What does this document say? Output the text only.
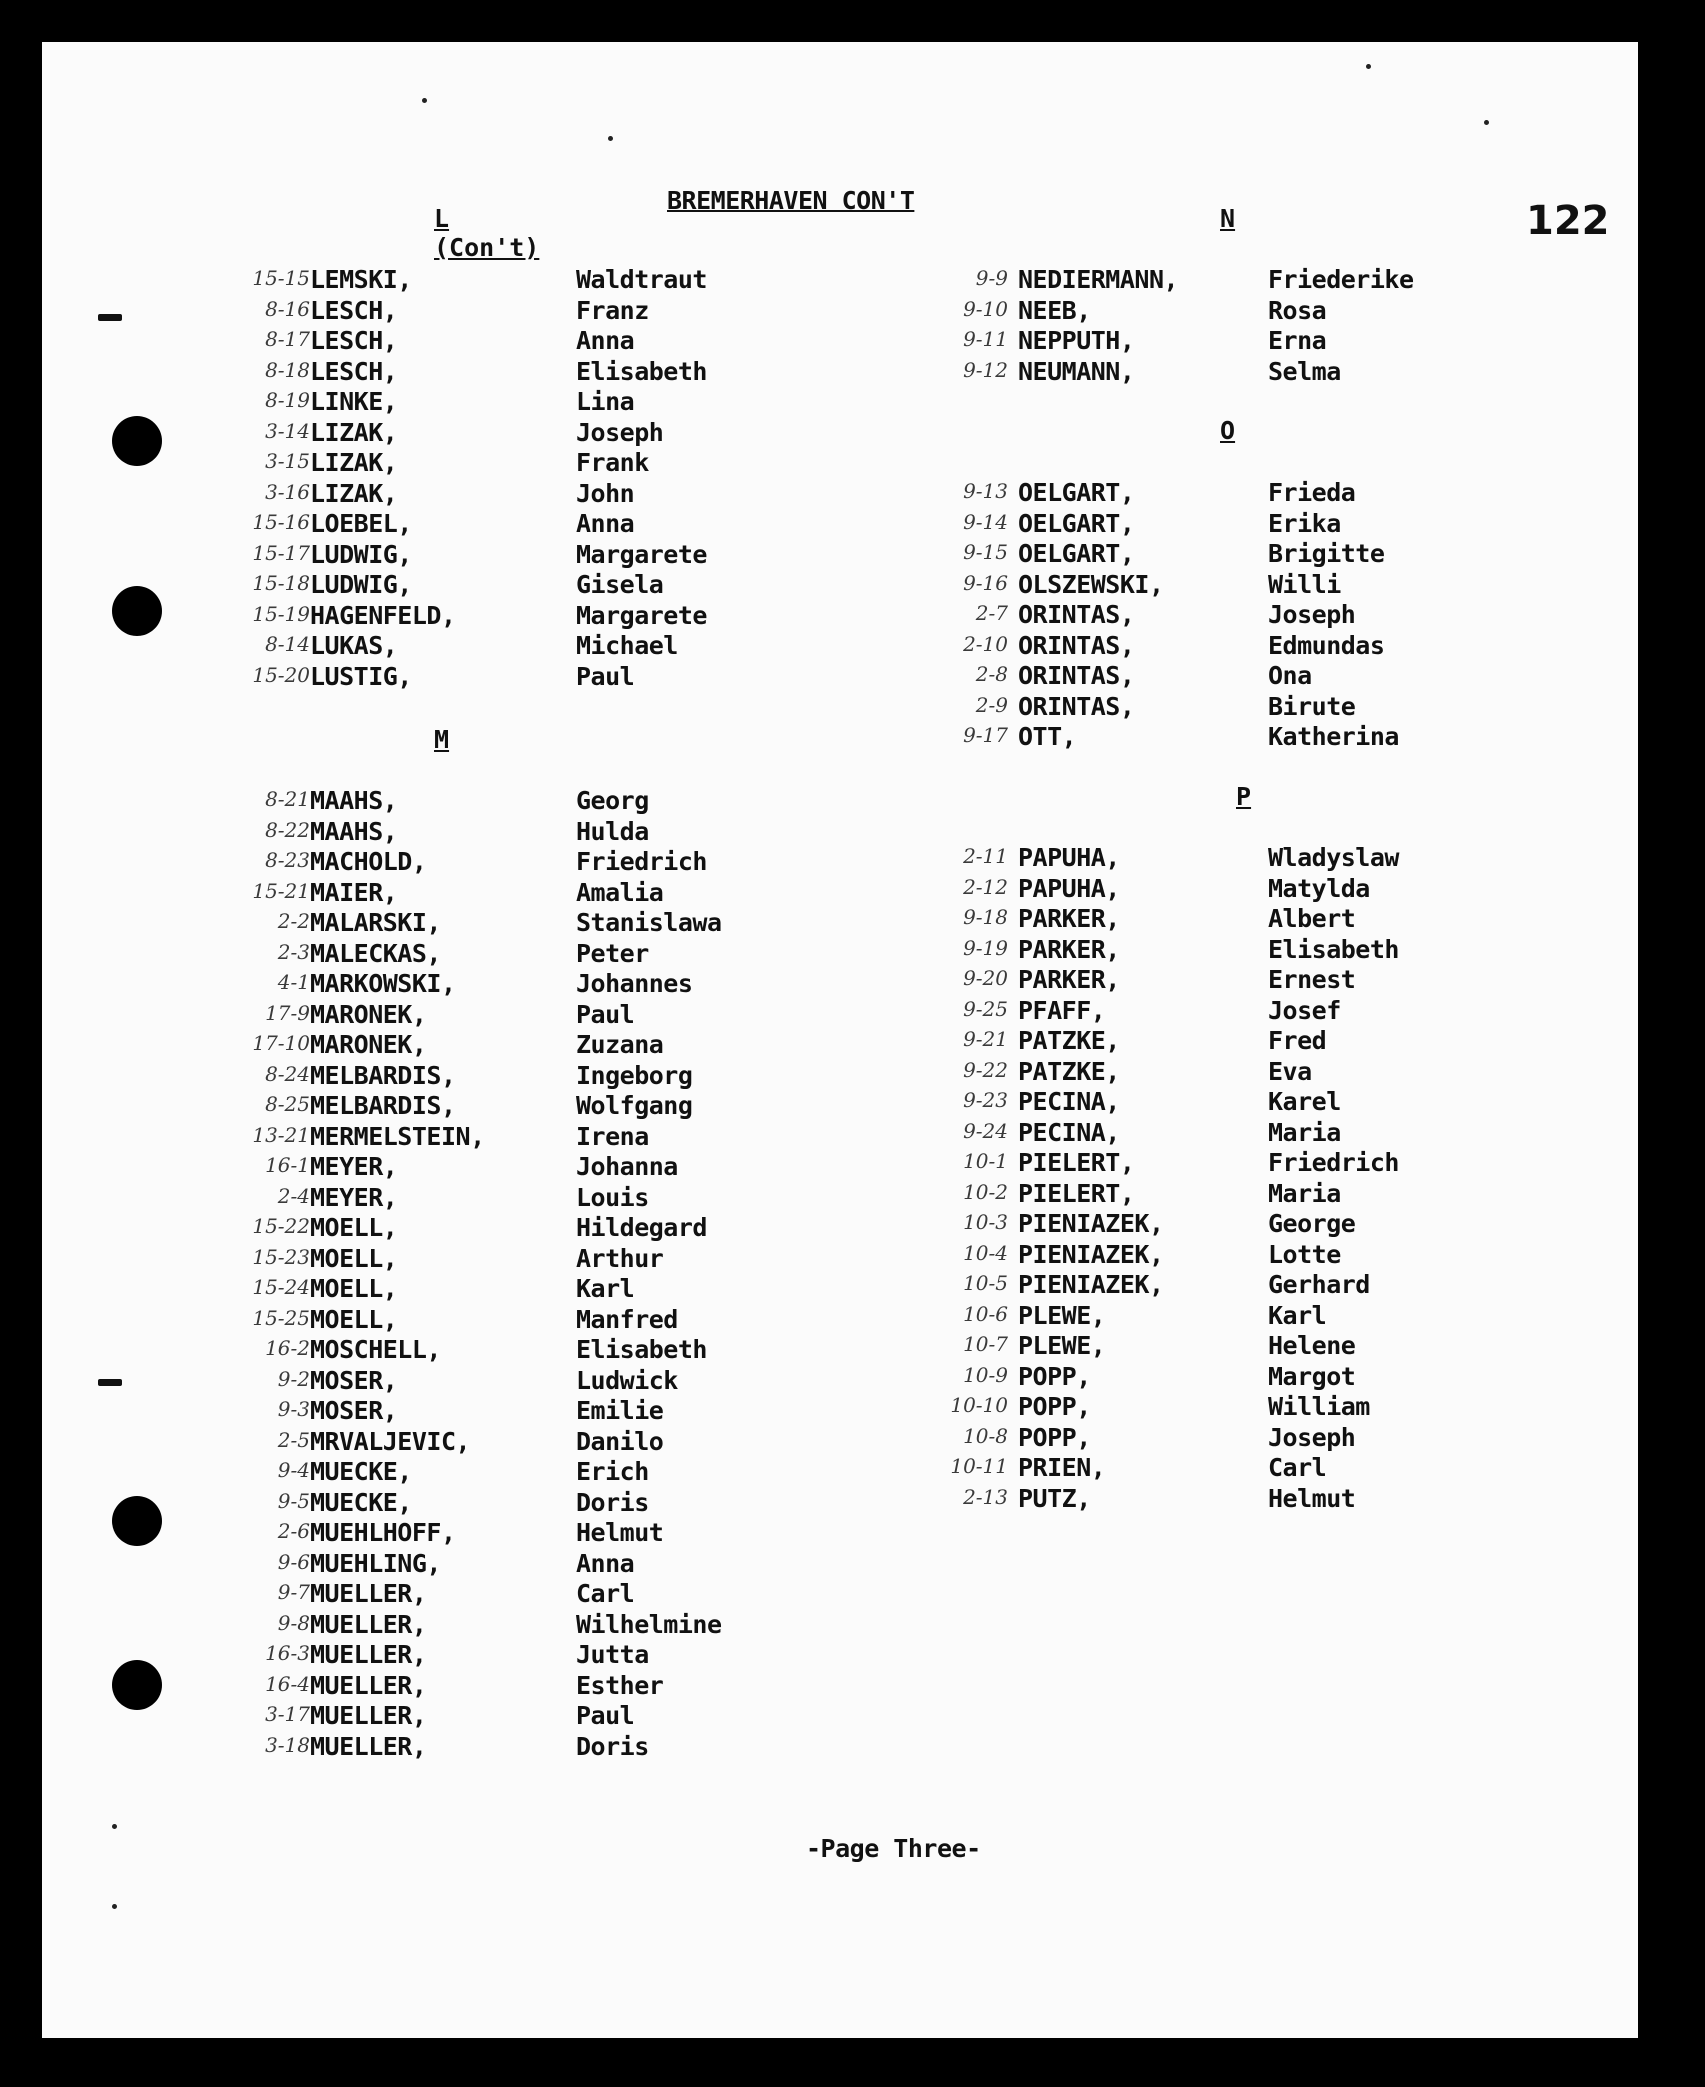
BREMERHAVEN CON'T	122
L (Con't)
15-15 LEMSKI,	Waldtraut
8-16 LESCH,	Franz
8-17 LESCH,	Anna
8-18 LESCH,	Elisabeth
8-19 LINKE,	Lina
3-14 LIZAK,	Joseph
3-15 LIZAK,	Frank
3-16 LIZAK,	John
15-16 LOEBEL,	Anna
15-17 LUDWIG,	Margarete
15-18 LUDWIG,	Gisela
15-19 HAGENFELD,	Margarete
8-14 LUKAS,	Michael
15-20 LUSTIG,	Paul
M
8-21 MAAHS,	Georg
8-22 MAAHS,	Hulda
8-23 MACHOLD,	Friedrich
15-21 MAIER,	Amalia
2-2 MALARSKI,	Stanislawa
2-3 MALECKAS,	Peter
4-1 MARKOWSKI,	Johannes
17-9 MARONEK,	Paul
17-10 MARONEK,	Zuzana
8-24 MELBARDIS,	Ingeborg
8-25 MELBARDIS,	Wolfgang
13-21 MERMELSTEIN,	Irena
16-1 MEYER,	Johanna
2-4 MEYER,	Louis
15-22 MOELL,	Hildegard
15-23 MOELL,	Arthur
15-24 MOELL,	Karl
15-25 MOELL,	Manfred
16-2 MOSCHELL,	Elisabeth
9-2 MOSER,	Ludwick
9-3 MOSER,	Emilie
2-5 MRVALJEVIC,	Danilo
9-4 MUECKE,	Erich
9-5 MUECKE,	Doris
2-6 MUEHLHOFF,	Helmut
9-6 MUEHLING,	Anna
9-7 MUELLER,	Carl
9-8 MUELLER,	Wilhelmine
16-3 MUELLER,	Jutta
16-4 MUELLER,	Esther
3-17 MUELLER,	Paul
3-18 MUELLER,	Doris
N
9-9 NEDIERMANN,	Friederike
9-10 NEEB,	Rosa
9-11 NEPPUTH,	Erna
9-12 NEUMANN,	Selma
O
9-13 OELGART,	Frieda
9-14 OELGART,	Erika
9-15 OELGART,	Brigitte
9-16 OLSZEWSKI,	Willi
2-7 ORINTAS,	Joseph
2-10 ORINTAS,	Edmundas
2-8 ORINTAS,	Ona
2-9 ORINTAS,	Birute
9-17 OTT,	Katherina
P
2-11 PAPUHA,	Wladyslaw
2-12 PAPUHA,	Matylda
9-18 PARKER,	Albert
9-19 PARKER,	Elisabeth
9-20 PARKER,	Ernest
9-25 PFAFF,	Josef
9-21 PATZKE,	Fred
9-22 PATZKE,	Eva
9-23 PECINA,	Karel
9-24 PECINA,	Maria
10-1 PIELERT,	Friedrich
10-2 PIELERT,	Maria
10-3 PIENIAZEK,	George
10-4 PIENIAZEK,	Lotte
10-5 PIENIAZEK,	Gerhard
10-6 PLEWE,	Karl
10-7 PLEWE,	Helene
10-9 POPP,	Margot
10-10 POPP,	William
10-8 POPP,	Joseph
10-11 PRIEN,	Carl
2-13 PUTZ,	Helmut
-Page Three-
